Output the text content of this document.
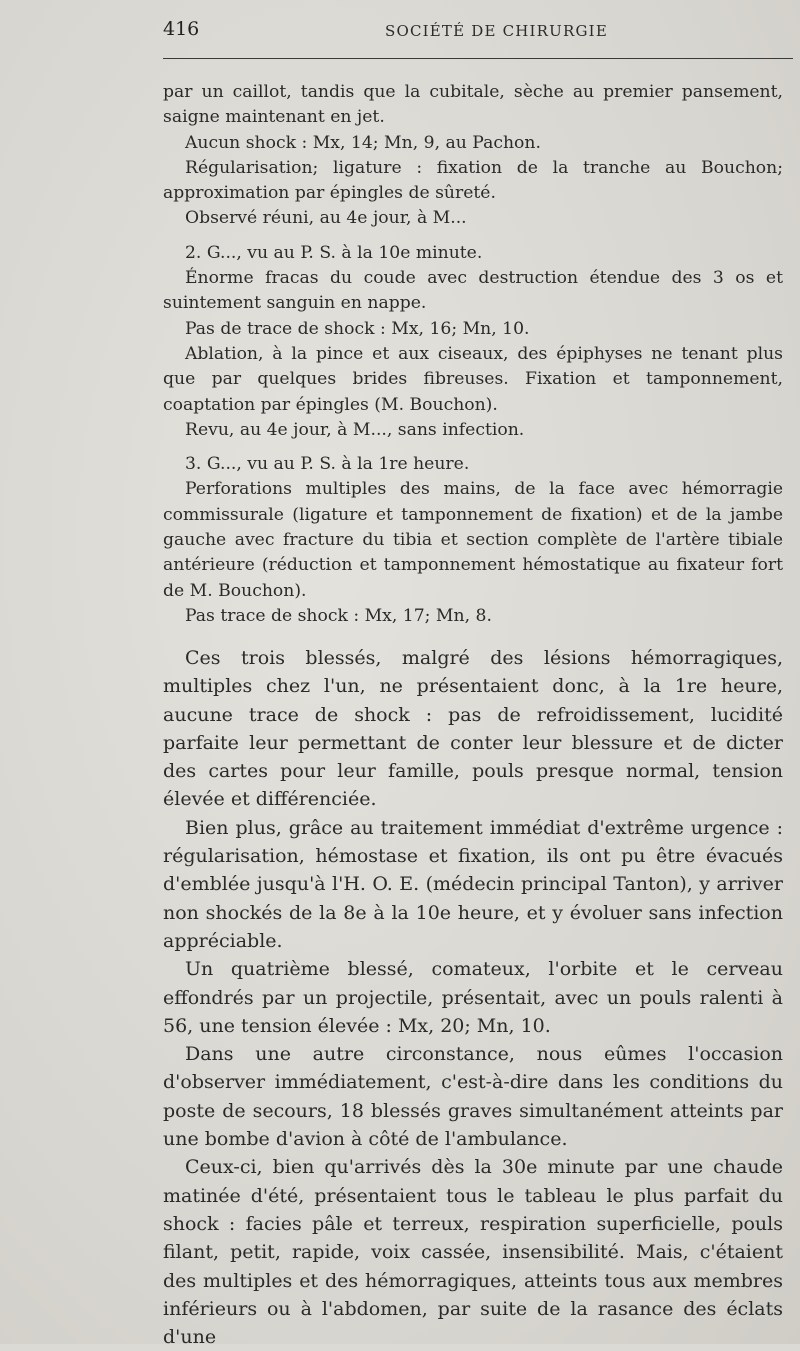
416	SOCIÉTÉ DE CHIRURGIE

par un caillot, tandis que la cubitale, sèche au premier pansement, saigne maintenant en jet.

Aucun shock : Mx, 14; Mn, 9, au Pachon.

Régularisation; ligature : fixation de la tranche au Bouchon; approximation par épingles de sûreté.

Observé réuni, au 4e jour, à M...

2. G..., vu au P. S. à la 10e minute.

Énorme fracas du coude avec destruction étendue des 3 os et suintement sanguin en nappe.

Pas de trace de shock : Mx, 16; Mn, 10.

Ablation, à la pince et aux ciseaux, des épiphyses ne tenant plus que par quelques brides fibreuses. Fixation et tamponnement, coaptation par épingles (M. Bouchon).

Revu, au 4e jour, à M..., sans infection.

3. G..., vu au P. S. à la 1re heure.

Perforations multiples des mains, de la face avec hémorragie commissurale (ligature et tamponnement de fixation) et de la jambe gauche avec fracture du tibia et section complète de l'artère tibiale antérieure (réduction et tamponnement hémostatique au fixateur fort de M. Bouchon).

Pas trace de shock : Mx, 17; Mn, 8.

Ces trois blessés, malgré des lésions hémorragiques, multiples chez l'un, ne présentaient donc, à la 1re heure, aucune trace de shock : pas de refroidissement, lucidité parfaite leur permettant de conter leur blessure et de dicter des cartes pour leur famille, pouls presque normal, tension élevée et différenciée.

Bien plus, grâce au traitement immédiat d'extrême urgence : régularisation, hémostase et fixation, ils ont pu être évacués d'emblée jusqu'à l'H. O. E. (médecin principal Tanton), y arriver non shockés de la 8e à la 10e heure, et y évoluer sans infection appréciable.

Un quatrième blessé, comateux, l'orbite et le cerveau effondrés par un projectile, présentait, avec un pouls ralenti à 56, une tension élevée : Mx, 20; Mn, 10.

Dans une autre circonstance, nous eûmes l'occasion d'observer immédiatement, c'est-à-dire dans les conditions du poste de secours, 18 blessés graves simultanément atteints par une bombe d'avion à côté de l'ambulance.

Ceux-ci, bien qu'arrivés dès la 30e minute par une chaude matinée d'été, présentaient tous le tableau le plus parfait du shock : facies pâle et terreux, respiration superficielle, pouls filant, petit, rapide, voix cassée, insensibilité. Mais, c'étaient des multiples et des hémorragiques, atteints tous aux membres inférieurs ou à l'abdomen, par suite de la rasance des éclats d'une
